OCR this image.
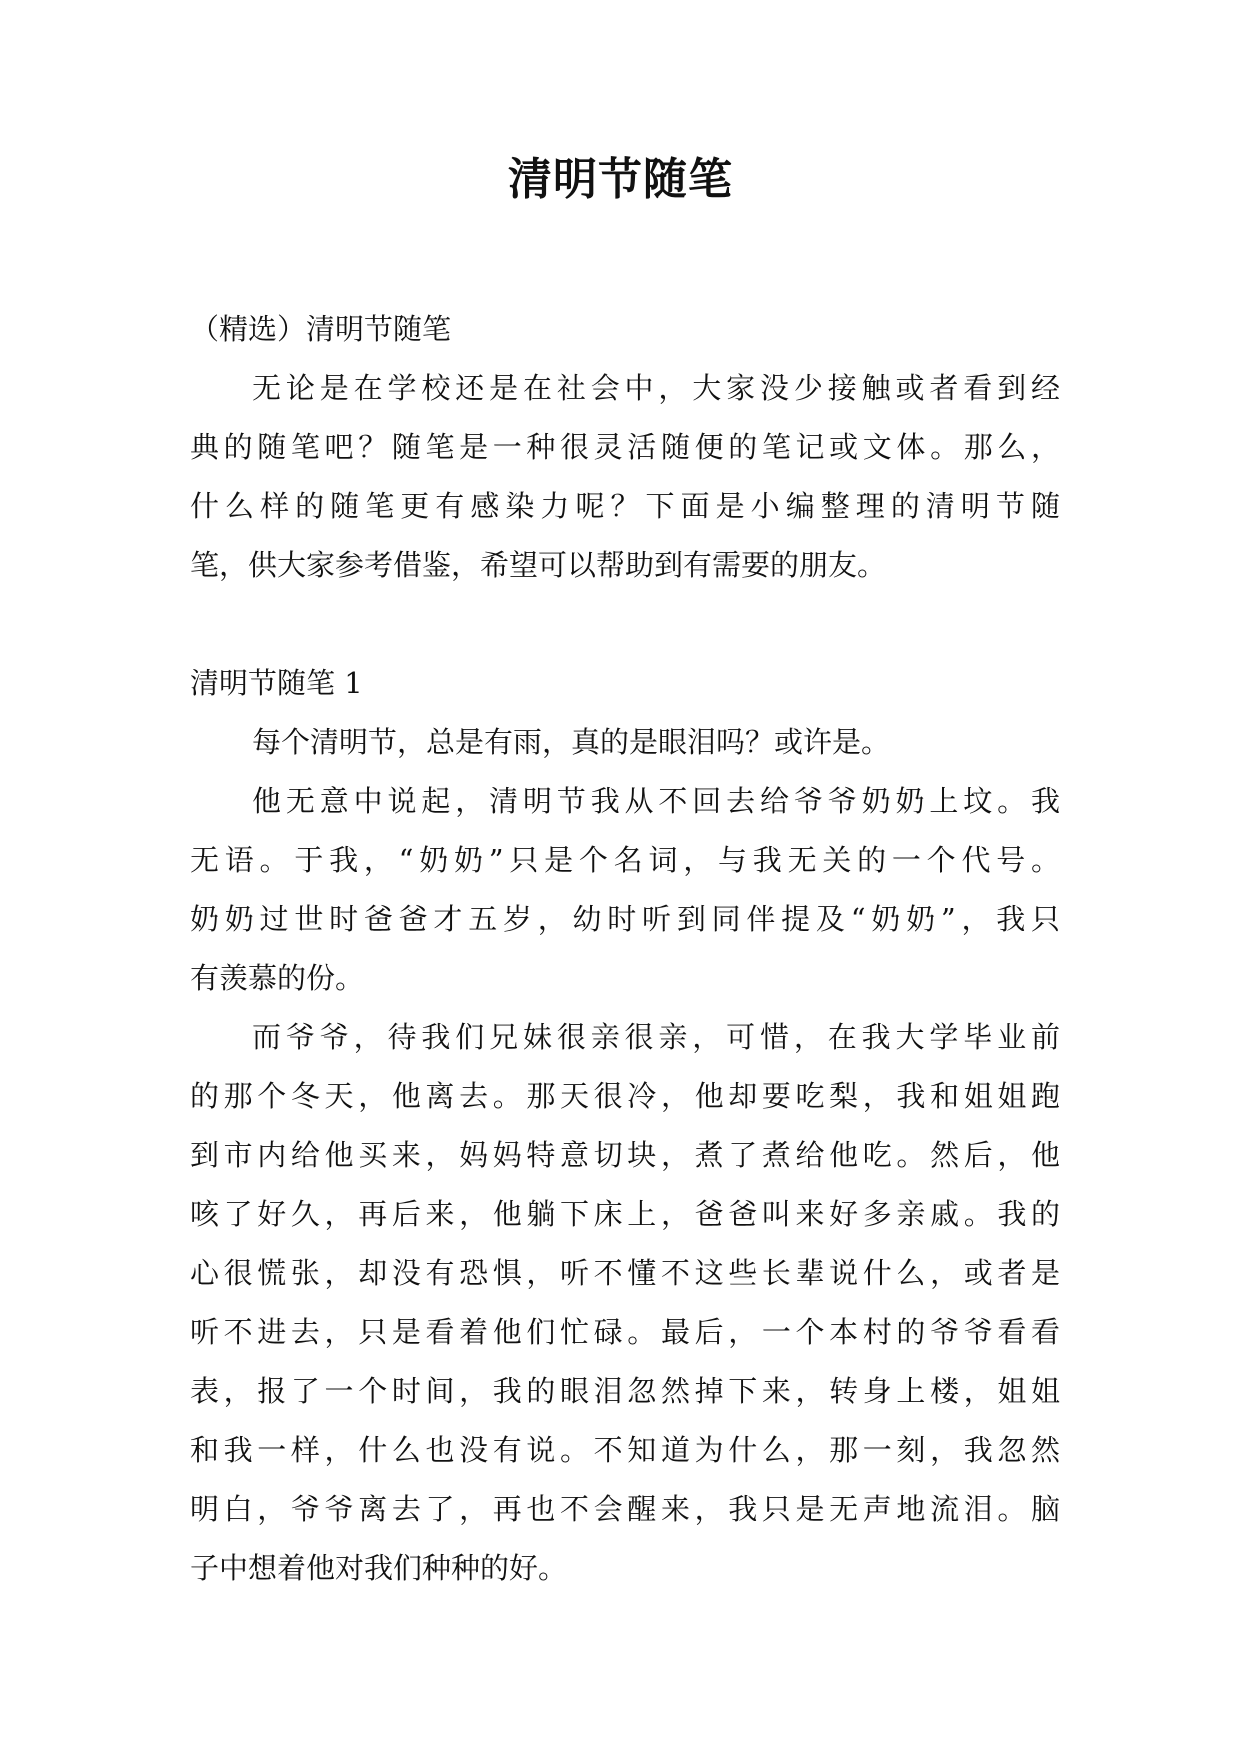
清明节随笔
（精选）清明节随笔
无论是在学校还是在社会中，大家没少接触或者看到经
典的随笔吧？随笔是一种很灵活随便的笔记或文体。那么，
什么样的随笔更有感染力呢？下面是小编整理的清明节随
笔，供大家参考借鉴，希望可以帮助到有需要的朋友。
清明节随笔 1
每个清明节，总是有雨，真的是眼泪吗？或许是。
他无意中说起，清明节我从不回去给爷爷奶奶上坟。我
无语。于我，“奶奶”只是个名词，与我无关的一个代号。
奶奶过世时爸爸才五岁，幼时听到同伴提及“奶奶”，我只
有羡慕的份。
而爷爷，待我们兄妹很亲很亲，可惜，在我大学毕业前
的那个冬天，他离去。那天很冷，他却要吃梨，我和姐姐跑
到市内给他买来，妈妈特意切块，煮了煮给他吃。然后，他
咳了好久，再后来，他躺下床上，爸爸叫来好多亲戚。我的
心很慌张，却没有恐惧，听不懂不这些长辈说什么，或者是
听不进去，只是看着他们忙碌。最后，一个本村的爷爷看看
表，报了一个时间，我的眼泪忽然掉下来，转身上楼，姐姐
和我一样，什么也没有说。不知道为什么，那一刻，我忽然
明白，爷爷离去了，再也不会醒来，我只是无声地流泪。脑
子中想着他对我们种种的好。
